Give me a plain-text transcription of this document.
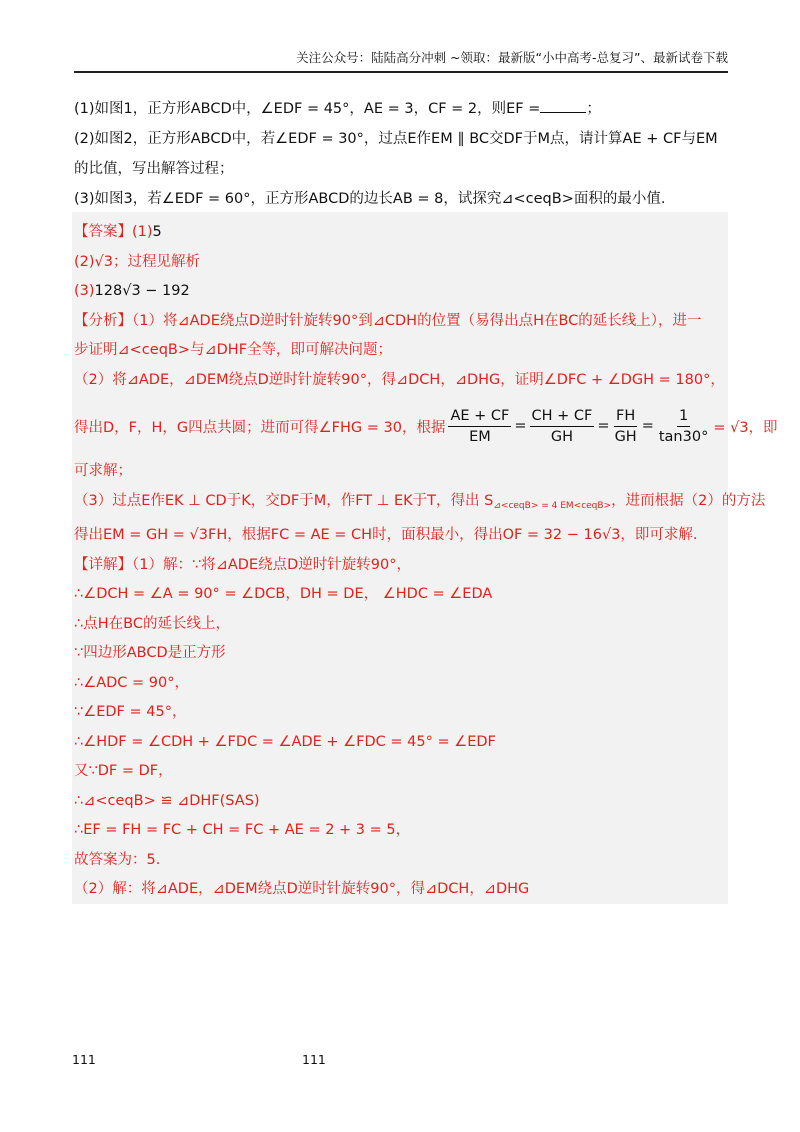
关注公众号：陆陆高分冲刺 ~领取：最新版“小中高考-总复习”、最新试卷下载

(1)如图1，正方形ABCD中，∠EDF = 45°，AE = 3，CF = 2，则EF =	；

(2)如图2，正方形ABCD中，若∠EDF = 30°，过点E作EM ∥ BC交DF于M点，请计算AE + CF与EM

的比值，写出解答过程；

(3)如图3，若∠EDF = 60°，正方形ABCD的边长AB = 8，试探究⊿<ceqB>面积的最小值.

【答案】(1)5
(2)√3；过程见解析
(3)128√3 − 192
【分析】（1）将⊿ADE绕点D逆时针旋转90°到⊿CDH的位置（易得出点H在BC的延长线上），进一
步证明⊿<ceqB>与⊿DHF全等，即可解决问题；
（2）将⊿ADE，⊿DEM绕点D逆时针旋转90°，得⊿DCH，⊿DHG，证明∠DFC + ∠DGH = 180°，
得出D，F，H，G四点共圆；进而可得∠FHG = 30，根据 $\frac{AE + CF}{EM} = \frac{CH + CF}{GH} = \frac{FH}{GH} = \frac{1}{\tan 30^\circ} = √3$，即
可求解；
（3）过点E作EK ⊥ CD于K，交DF于M，作FT ⊥ EK于T，得出 $S_{⊿<ceqB> = 4 EM<ceqB>}$，进而根据（2）的方法
得出EM = GH = √3FH，根据FC = AE = CH时，面积最小，得出OF = 32 − 16√3，即可求解.
【详解】（1）解：∵将⊿ADE绕点D逆时针旋转90°，
∴∠DCH = ∠A = 90° = ∠DCB，DH = DE， ∠HDC = ∠EDA
∴点H在BC的延长线上，
∵四边形ABCD是正方形
∴∠ADC = 90°，
∵∠EDF = 45°，
∴∠HDF = ∠CDH + ∠FDC = ∠ADE + ∠FDC = 45° = ∠EDF
又∵DF = DF，
∴⊿<ceqB> ≌ ⊿DHF(SAS)
∴EF = FH = FC + CH = FC + AE = 2 + 3 = 5，
故答案为：5.
（2）解：将⊿ADE，⊿DEM绕点D逆时针旋转90°，得⊿DCH，⊿DHG
111	111
